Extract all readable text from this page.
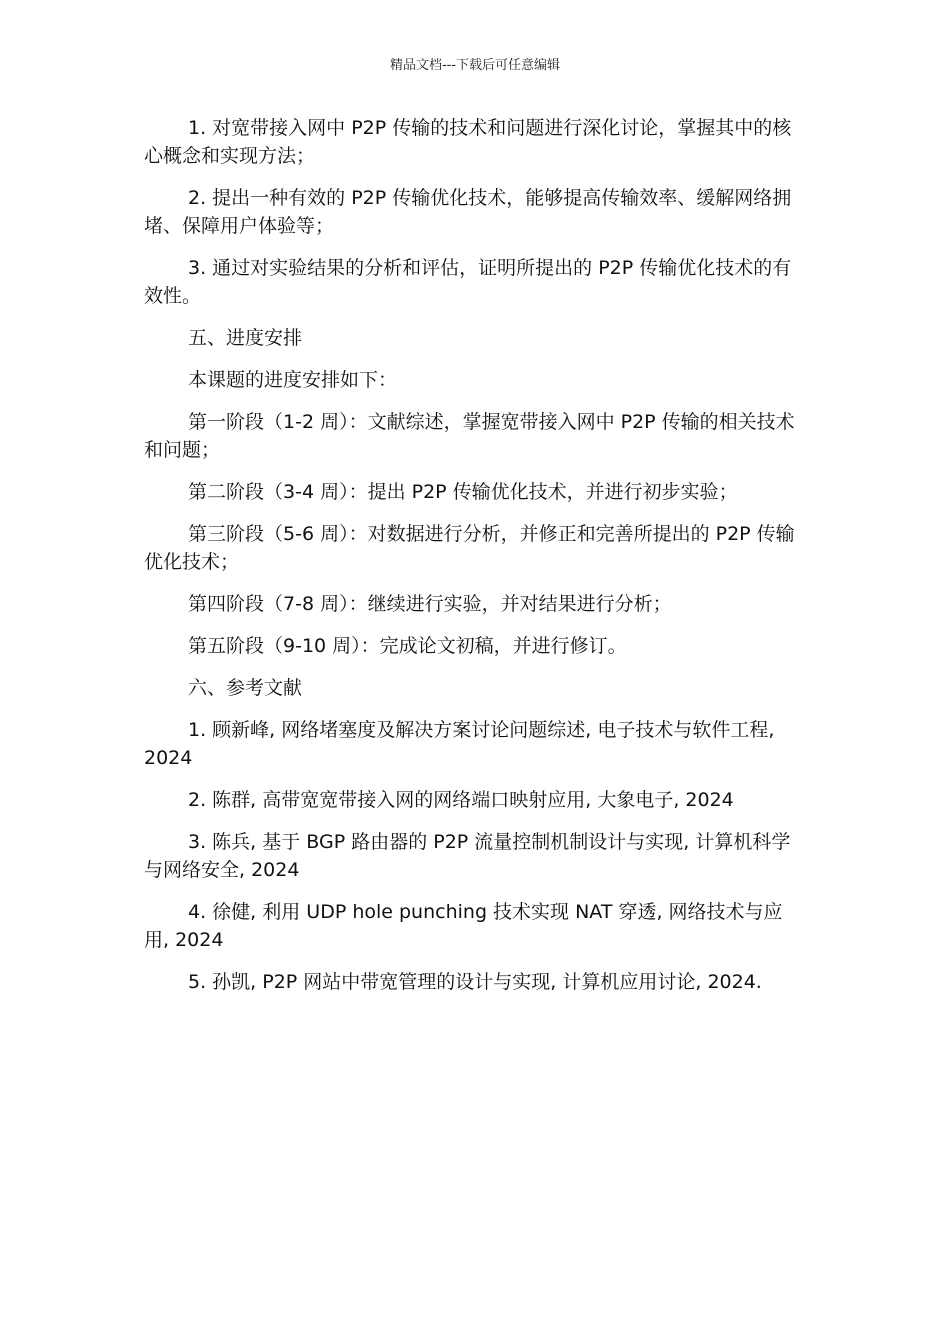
精品文档---下载后可任意编辑

1. 对宽带接入网中 P2P 传输的技术和问题进行深化讨论，掌握其中的核心概念和实现方法；

2. 提出一种有效的 P2P 传输优化技术，能够提高传输效率、缓解网络拥堵、保障用户体验等；

3. 通过对实验结果的分析和评估，证明所提出的 P2P 传输优化技术的有效性。

五、进度安排

本课题的进度安排如下：

第一阶段（1-2 周）：文献综述，掌握宽带接入网中 P2P 传输的相关技术和问题；

第二阶段（3-4 周）：提出 P2P 传输优化技术，并进行初步实验；

第三阶段（5-6 周）：对数据进行分析，并修正和完善所提出的 P2P 传输优化技术；

第四阶段（7-8 周）：继续进行实验，并对结果进行分析；

第五阶段（9-10 周）：完成论文初稿，并进行修订。

六、参考文献

1. 顾新峰, 网络堵塞度及解决方案讨论问题综述, 电子技术与软件工程, 2024

2. 陈群, 高带宽宽带接入网的网络端口映射应用, 大象电子, 2024

3. 陈兵, 基于 BGP 路由器的 P2P 流量控制机制设计与实现, 计算机科学与网络安全, 2024

4. 徐健, 利用 UDP hole punching 技术实现 NAT 穿透, 网络技术与应用, 2024

5. 孙凯, P2P 网站中带宽管理的设计与实现, 计算机应用讨论, 2024.
